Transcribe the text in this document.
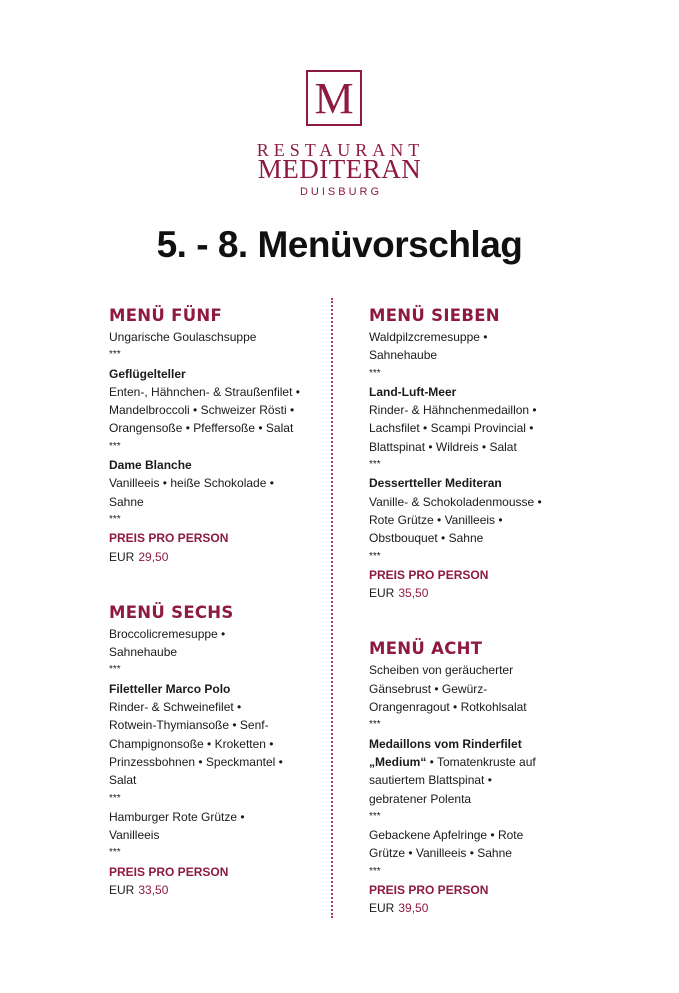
M
RESTAURANT
MEDITERAN
DUISBURG
5. - 8. Menüvorschlag
MENÜ FÜNF
Ungarische Goulaschsuppe
***
Geflügelteller
Enten-, Hähnchen- & Straußenfilet •
Mandelbroccoli • Schweizer Rösti •
Orangensoße • Pfeffersoße • Salat
***
Dame Blanche
Vanilleeis • heiße Schokolade •
Sahne
***
PREIS PRO PERSON
EUR 29,50
MENÜ SECHS
Broccolicremesuppe •
Sahnehaube
***
Filetteller Marco Polo
Rinder- & Schweinefilet •
Rotwein-Thymiansoße • Senf-
Champignonsoße • Kroketten •
Prinzessbohnen • Speckmantel •
Salat
***
Hamburger Rote Grütze •
Vanilleeis
***
PREIS PRO PERSON
EUR 33,50
MENÜ SIEBEN
Waldpilzcremesuppe •
Sahnehaube
***
Land-Luft-Meer
Rinder- & Hähnchenmedaillon •
Lachsfilet • Scampi Provincial •
Blattspinat • Wildreis • Salat
***
Dessertteller Mediteran
Vanille- & Schokoladenmousse •
Rote Grütze • Vanilleeis •
Obstbouquet • Sahne
***
PREIS PRO PERSON
EUR 35,50
MENÜ ACHT
Scheiben von geräucherter
Gänsebrust • Gewürz-
Orangenragout • Rotkohlsalat
***
Medaillons vom Rinderfilet
„Medium“ • Tomatenkruste auf
sautiertem Blattspinat •
gebratener Polenta
***
Gebackene Apfelringe • Rote
Grütze • Vanilleeis • Sahne
***
PREIS PRO PERSON
EUR 39,50
